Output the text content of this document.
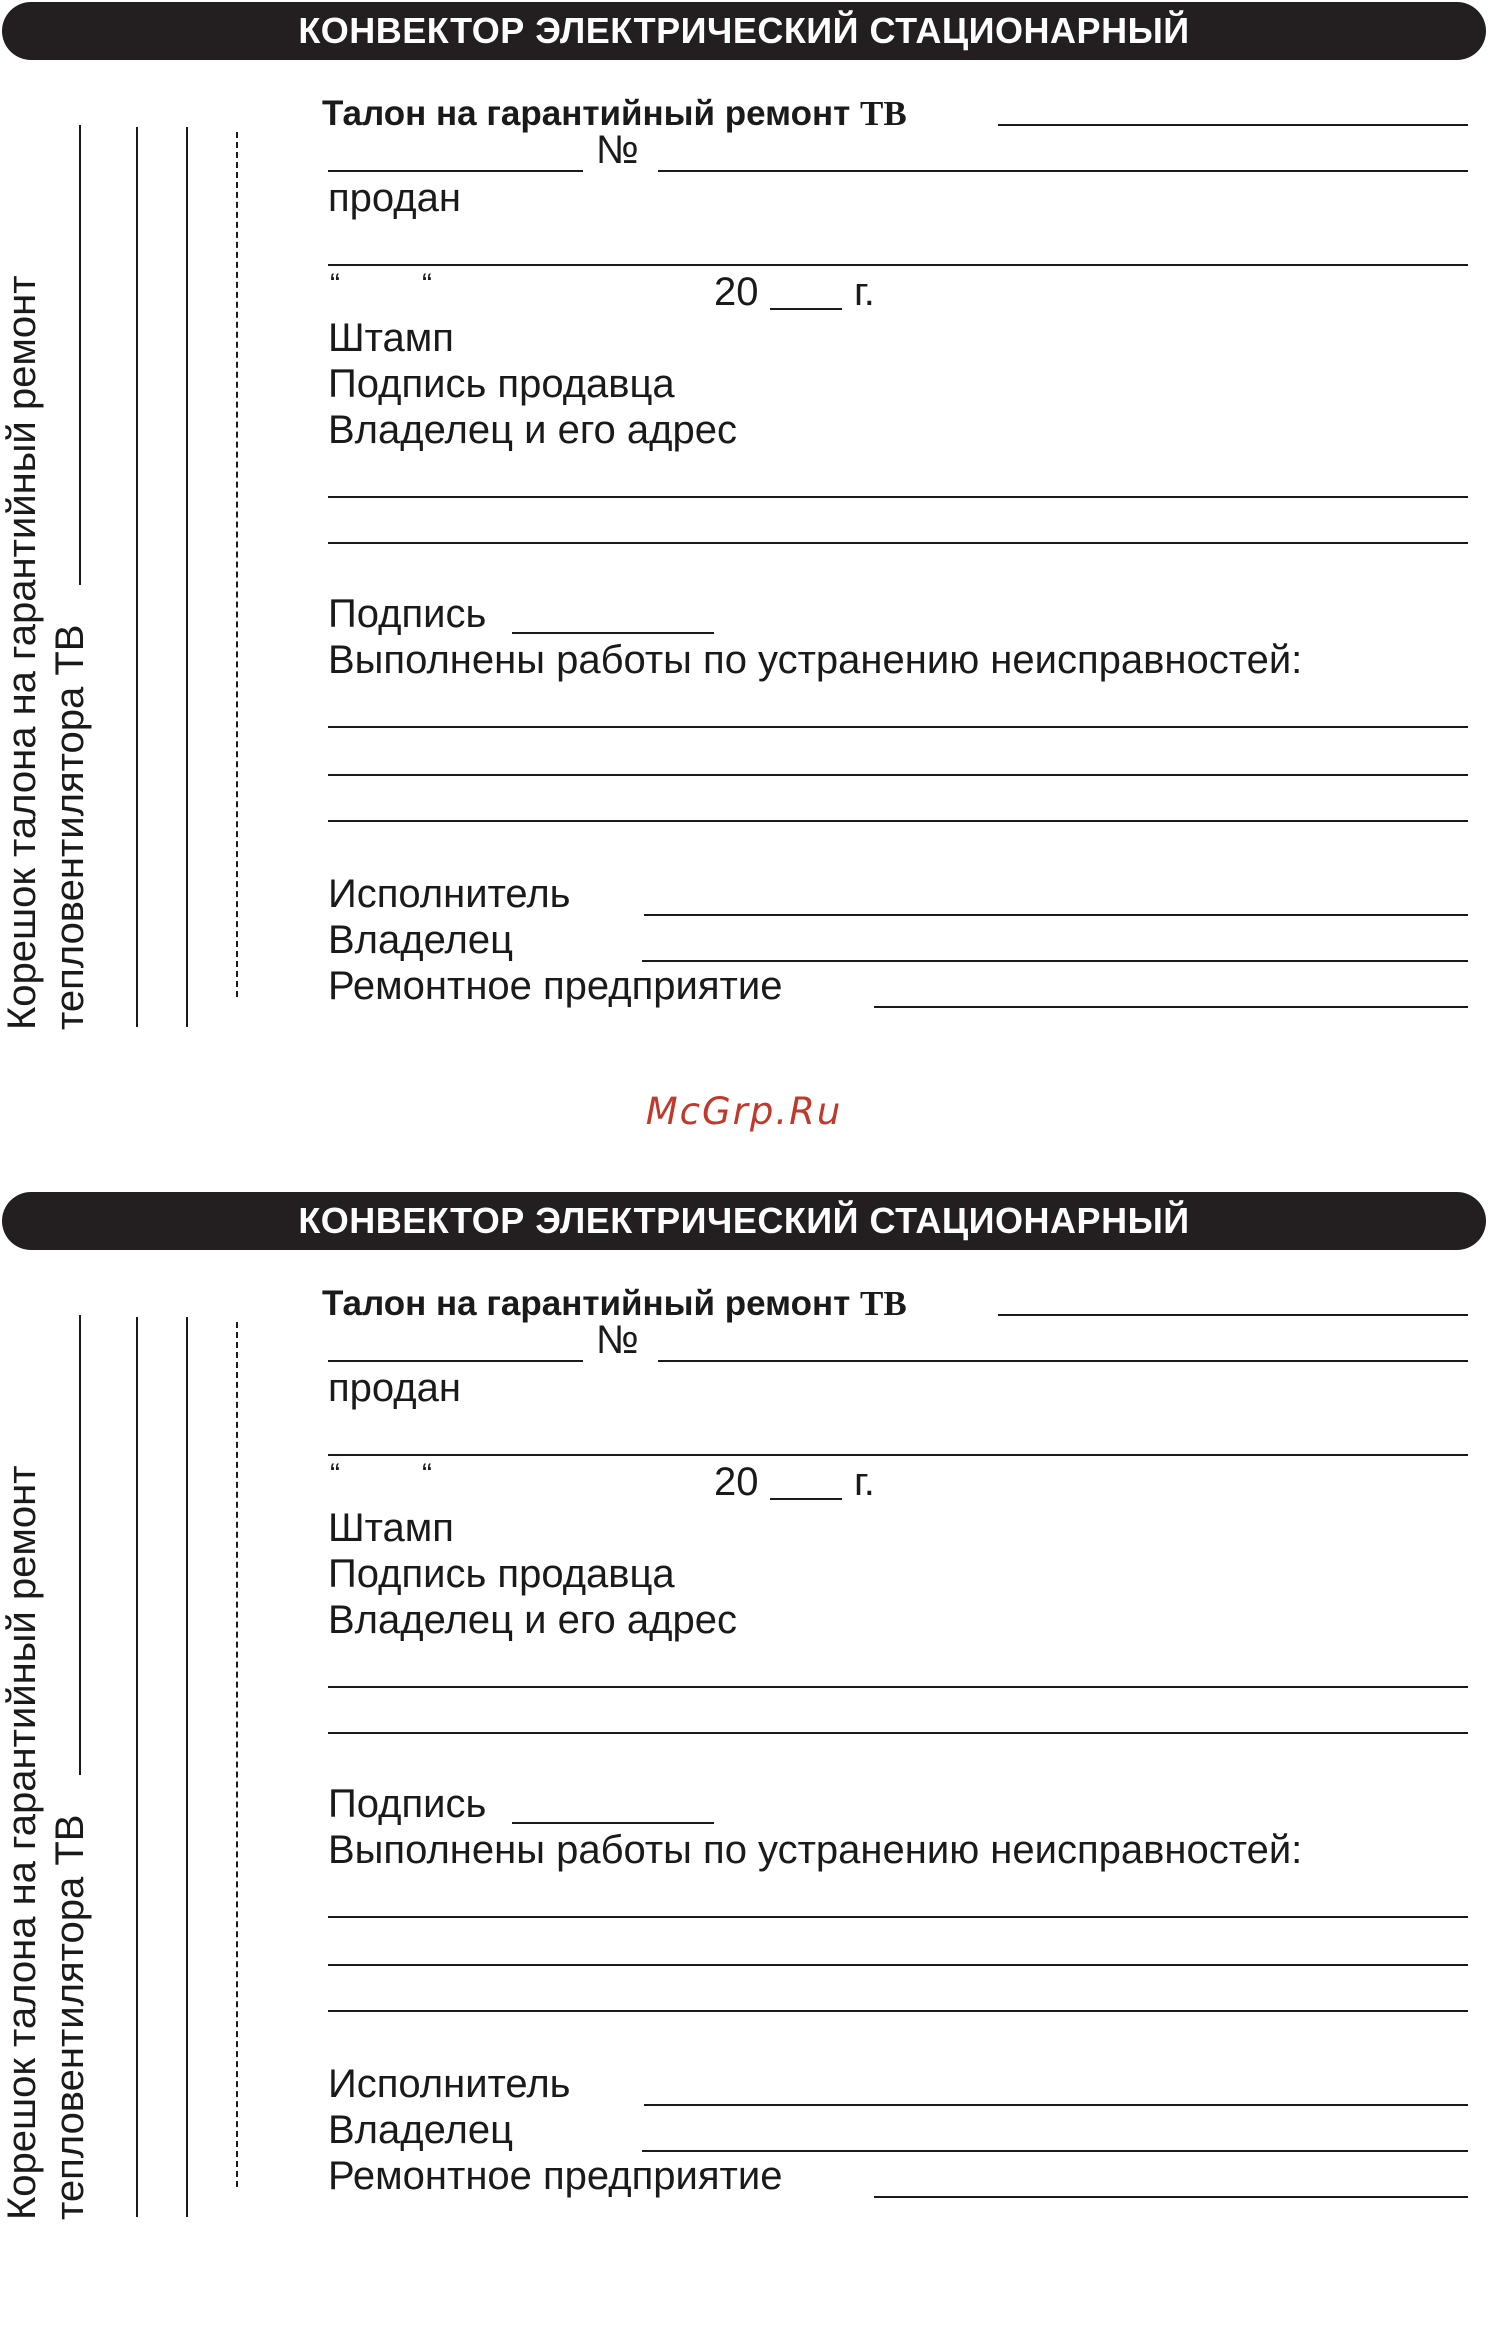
КОНВЕКТОР ЭЛЕКТРИЧЕСКИЙ СТАЦИОНАРНЫЙ
Корешок талона на гарантийный ремонт тепловентилятора ТВ
Талон на гарантийный ремонт ТВ
№
продан
“	“	20 г.
Штамп
Подпись продавца
Владелец и его адрес
Подпись
Выполнены работы по устранению неисправностей:
Исполнитель
Владелец
Ремонтное предприятие
McGrp.Ru
КОНВЕКТОР ЭЛЕКТРИЧЕСКИЙ СТАЦИОНАРНЫЙ
Корешок талона на гарантийный ремонт тепловентилятора ТВ
Талон на гарантийный ремонт ТВ
№
продан
“	“	20 г.
Штамп
Подпись продавца
Владелец и его адрес
Подпись
Выполнены работы по устранению неисправностей:
Исполнитель
Владелец
Ремонтное предприятие
